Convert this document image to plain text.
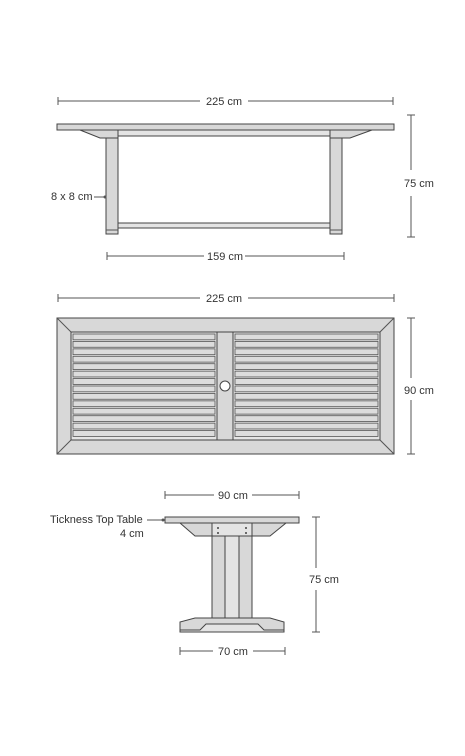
225 cm
8 x 8 cm
75 cm
159 cm
225 cm
90 cm
90 cm
Tickness Top Table
4 cm
75 cm
70 cm
